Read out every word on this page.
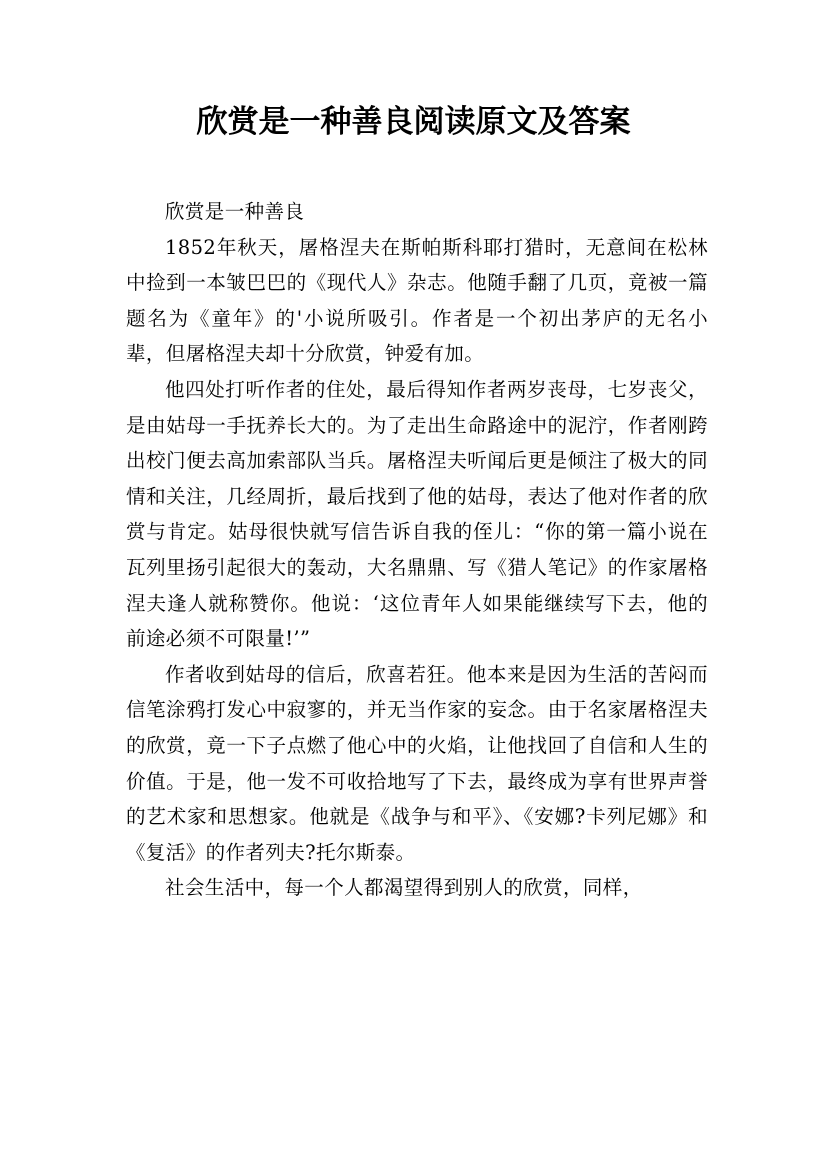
欣赏是一种善良阅读原文及答案

欣赏是一种善良

1852年秋天，屠格涅夫在斯帕斯科耶打猎时，无意间在松林中捡到一本皱巴巴的《现代人》杂志。他随手翻了几页，竟被一篇题名为《童年》的'小说所吸引。作者是一个初出茅庐的无名小辈，但屠格涅夫却十分欣赏，钟爱有加。

他四处打听作者的住处，最后得知作者两岁丧母，七岁丧父，是由姑母一手抚养长大的。为了走出生命路途中的泥泞，作者刚跨出校门便去高加索部队当兵。屠格涅夫听闻后更是倾注了极大的同情和关注，几经周折，最后找到了他的姑母，表达了他对作者的欣赏与肯定。姑母很快就写信告诉自我的侄儿：“你的第一篇小说在瓦列里扬引起很大的轰动，大名鼎鼎、写《猎人笔记》的作家屠格涅夫逢人就称赞你。他说：‘这位青年人如果能继续写下去，他的前途必须不可限量!’”

作者收到姑母的信后，欣喜若狂。他本来是因为生活的苦闷而信笔涂鸦打发心中寂寥的，并无当作家的妄念。由于名家屠格涅夫的欣赏，竟一下子点燃了他心中的火焰，让他找回了自信和人生的价值。于是，他一发不可收拾地写了下去，最终成为享有世界声誉的艺术家和思想家。他就是《战争与和平》、《安娜?卡列尼娜》和《复活》的作者列夫?托尔斯泰。

社会生活中，每一个人都渴望得到别人的欣赏，同样，
